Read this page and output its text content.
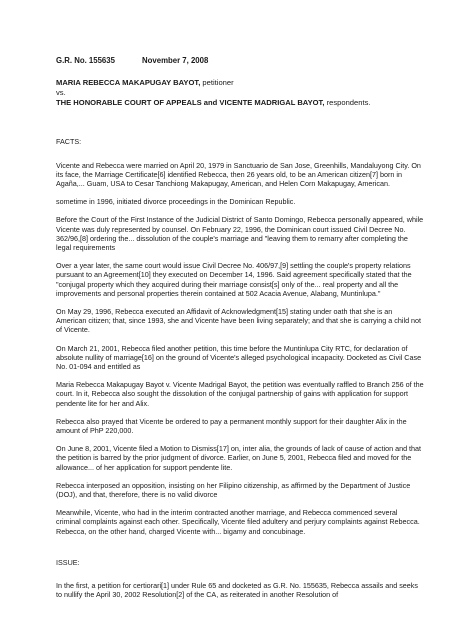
G.R. No. 155635	November 7, 2008
MARIA REBECCA MAKAPUGAY BAYOT, petitioner
vs.
THE HONORABLE COURT OF APPEALS and VICENTE MADRIGAL BAYOT, respondents.
FACTS:

Vicente and Rebecca were married on April 20, 1979 in Sanctuario de San Jose, Greenhills, Mandaluyong City. On its face, the Marriage Certificate[6] identified Rebecca, then 26 years old, to be an American citizen[7] born in Agaña,... Guam, USA to Cesar Tanchiong Makapugay, American, and Helen Corn Makapugay, American.

sometime in 1996, initiated divorce proceedings in the Dominican Republic.

Before the Court of the First Instance of the Judicial District of Santo Domingo, Rebecca personally appeared, while Vicente was duly represented by counsel. On February 22, 1996, the Dominican court issued Civil Decree No. 362/96,[8] ordering the... dissolution of the couple's marriage and "leaving them to remarry after completing the legal requirements

Over a year later, the same court would issue Civil Decree No. 406/97,[9] settling the couple's property relations pursuant to an Agreement[10] they executed on December 14, 1996. Said agreement specifically stated that the "conjugal property which they acquired during their marriage consist[s] only of the... real property and all the improvements and personal properties therein contained at 502 Acacia Avenue, Alabang, Muntinlupa."

On May 29, 1996, Rebecca executed an Affidavit of Acknowledgment[15] stating under oath that she is an American citizen; that, since 1993, she and Vicente have been living separately; and that she is carrying a child not of Vicente.

On March 21, 2001, Rebecca filed another petition, this time before the Muntinlupa City RTC, for declaration of absolute nullity of marriage[16] on the ground of Vicente's alleged psychological incapacity. Docketed as Civil Case No. 01-094 and entitled as

Maria Rebecca Makapugay Bayot v. Vicente Madrigal Bayot, the petition was eventually raffled to Branch 256 of the court. In it, Rebecca also sought the dissolution of the conjugal partnership of gains with application for support pendente lite for her and Alix.

Rebecca also prayed that Vicente be ordered to pay a permanent monthly support for their daughter Alix in the amount of PhP 220,000.

On June 8, 2001, Vicente filed a Motion to Dismiss[17] on, inter alia, the grounds of lack of cause of action and that the petition is barred by the prior judgment of divorce. Earlier, on June 5, 2001, Rebecca filed and moved for the allowance... of her application for support pendente lite.

Rebecca interposed an opposition, insisting on her Filipino citizenship, as affirmed by the Department of Justice (DOJ), and that, therefore, there is no valid divorce

Meanwhile, Vicente, who had in the interim contracted another marriage, and Rebecca commenced several criminal complaints against each other. Specifically, Vicente filed adultery and perjury complaints against Rebecca. Rebecca, on the other hand, charged Vicente with... bigamy and concubinage.

ISSUE:

In the first, a petition for certiorari[1] under Rule 65 and docketed as G.R. No. 155635, Rebecca assails and seeks to nullify the April 30, 2002 Resolution[2] of the CA, as reiterated in another Resolution of
